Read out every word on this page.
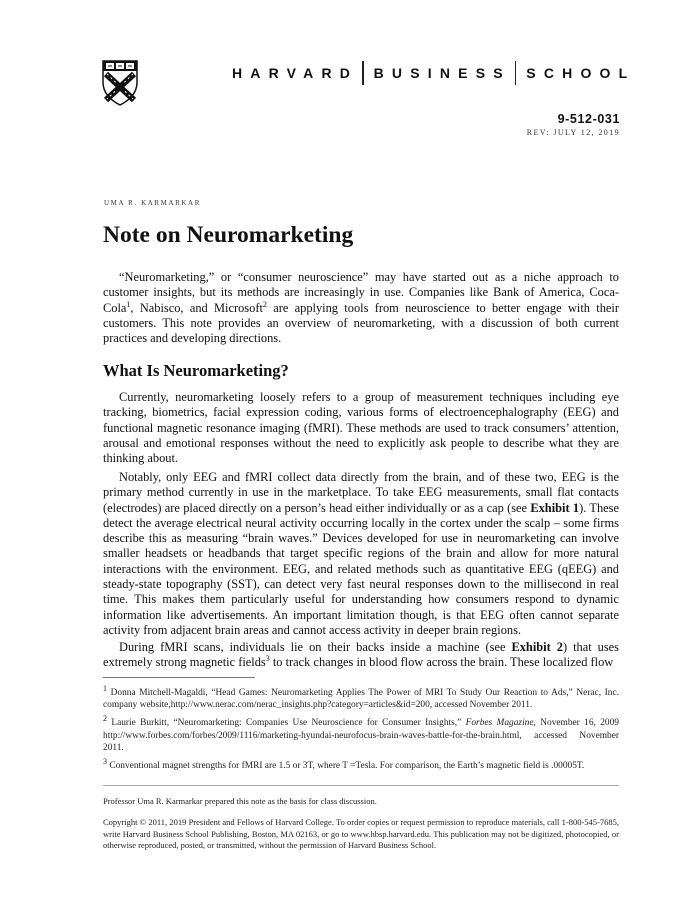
HARVARD BUSINESS SCHOOL
9-512-031
REV: JULY 12, 2019
UMA R. KARMARKAR
Note on Neuromarketing

“Neuromarketing,” or “consumer neuroscience” may have started out as a niche approach to customer insights, but its methods are increasingly in use. Companies like Bank of America, Coca-Cola$^1$, Nabisco, and Microsoft$^2$ are applying tools from neuroscience to better engage with their customers. This note provides an overview of neuromarketing, with a discussion of both current practices and developing directions.

What Is Neuromarketing?

Currently, neuromarketing loosely refers to a group of measurement techniques including eye tracking, biometrics, facial expression coding, various forms of electroencephalography (EEG) and functional magnetic resonance imaging (fMRI). These methods are used to track consumers’ attention, arousal and emotional responses without the need to explicitly ask people to describe what they are thinking about.

Notably, only EEG and fMRI collect data directly from the brain, and of these two, EEG is the primary method currently in use in the marketplace. To take EEG measurements, small flat contacts (electrodes) are placed directly on a person’s head either individually or as a cap (see Exhibit 1). These detect the average electrical neural activity occurring locally in the cortex under the scalp – some firms describe this as measuring “brain waves.” Devices developed for use in neuromarketing can involve smaller headsets or headbands that target specific regions of the brain and allow for more natural interactions with the environment. EEG, and related methods such as quantitative EEG (qEEG) and steady-state topography (SST), can detect very fast neural responses down to the millisecond in real time. This makes them particularly useful for understanding how consumers respond to dynamic information like advertisements. An important limitation though, is that EEG often cannot separate activity from adjacent brain areas and cannot access activity in deeper brain regions.

During fMRI scans, individuals lie on their backs inside a machine (see Exhibit 2) that uses extremely strong magnetic fields$^3$ to track changes in blood flow across the brain. These localized flow

$^1$ Donna Mitchell-Magaldi, “Head Games: Neuromarketing Applies The Power of MRI To Study Our Reaction to Ads,” Nerac, Inc. company website,http://www.nerac.com/nerac_insights.php?category=articles&id=200, accessed November 2011.

$^2$ Laurie Burkitt, “Neuromarketing: Companies Use Neuroscience for Consumer Insights,” Forbes Magazine, November 16, 2009 http://www.forbes.com/forbes/2009/1116/marketing-hyundai-neurofocus-brain-waves-battle-for-the-brain.html, accessed November 2011.

$^3$ Conventional magnet strengths for fMRI are 1.5 or 3T, where T =Tesla. For comparison, the Earth’s magnetic field is .00005T.

Professor Uma R. Karmarkar prepared this note as the basis for class discussion.
Copyright © 2011, 2019 President and Fellows of Harvard College. To order copies or request permission to reproduce materials, call 1-800-545-7685, write Harvard Business School Publishing, Boston, MA 02163, or go to www.hbsp.harvard.edu. This publication may not be digitized, photocopied, or otherwise reproduced, posted, or transmitted, without the permission of Harvard Business School.
